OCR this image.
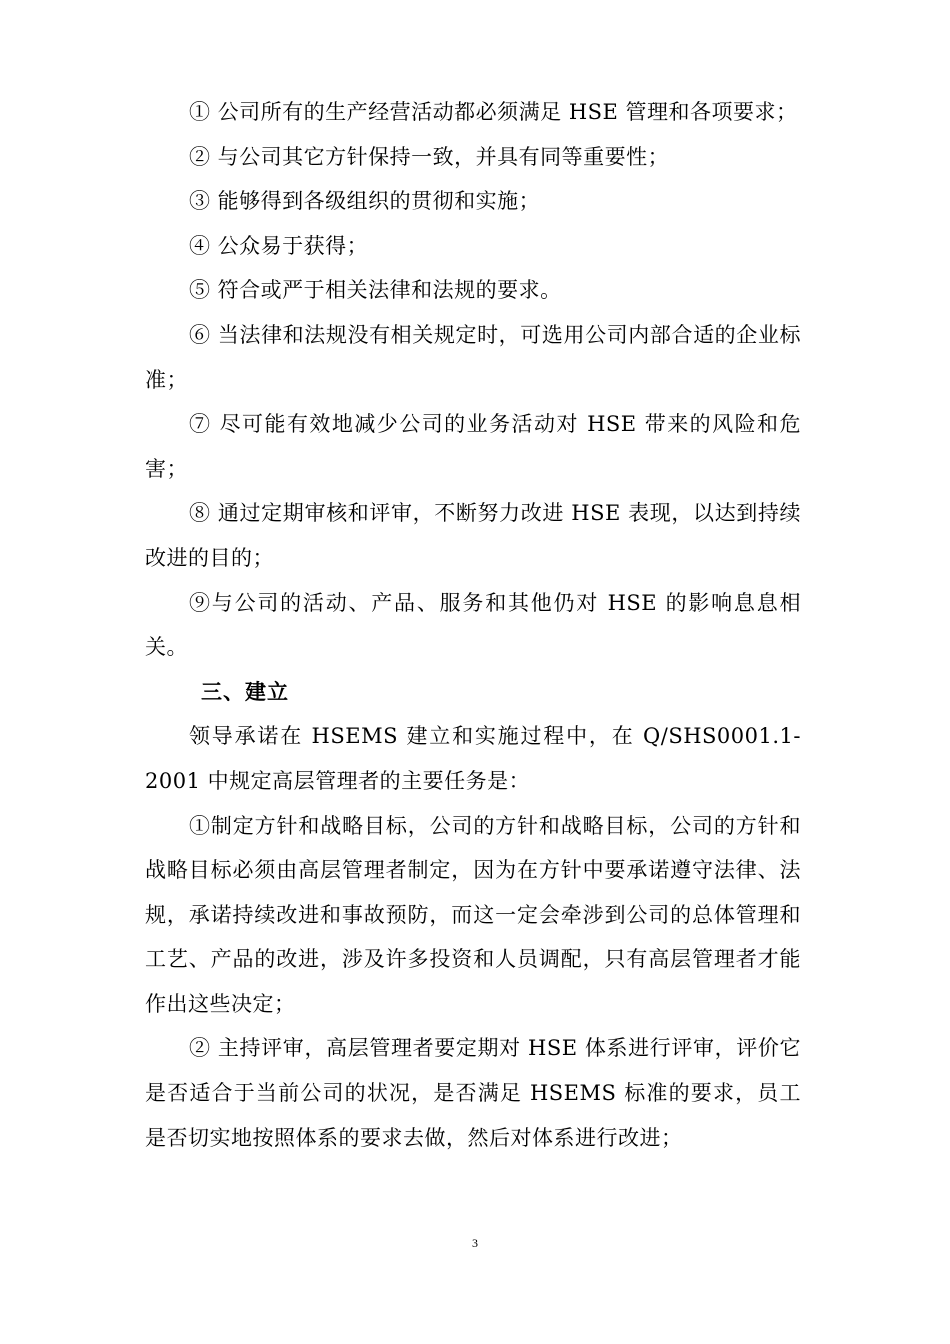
① 公司所有的生产经营活动都必须满足 HSE 管理和各项要求；

② 与公司其它方针保持一致，并具有同等重要性；

③ 能够得到各级组织的贯彻和实施；

④ 公众易于获得；

⑤ 符合或严于相关法律和法规的要求。

⑥ 当法律和法规没有相关规定时，可选用公司内部合适的企业标准；

⑦ 尽可能有效地减少公司的业务活动对 HSE 带来的风险和危害；

⑧ 通过定期审核和评审，不断努力改进 HSE 表现，以达到持续改进的目的；

⑨与公司的活动、产品、服务和其他仍对 HSE 的影响息息相关。

三、建立

领导承诺在 HSEMS 建立和实施过程中，在 Q/SHS0001.1-2001 中规定高层管理者的主要任务是：

①制定方针和战略目标，公司的方针和战略目标，公司的方针和战略目标必须由高层管理者制定，因为在方针中要承诺遵守法律、法规，承诺持续改进和事故预防，而这一定会牵涉到公司的总体管理和工艺、产品的改进，涉及许多投资和人员调配，只有高层管理者才能作出这些决定；

② 主持评审，高层管理者要定期对 HSE 体系进行评审，评价它是否适合于当前公司的状况，是否满足 HSEMS 标准的要求，员工是否切实地按照体系的要求去做，然后对体系进行改进；

3
